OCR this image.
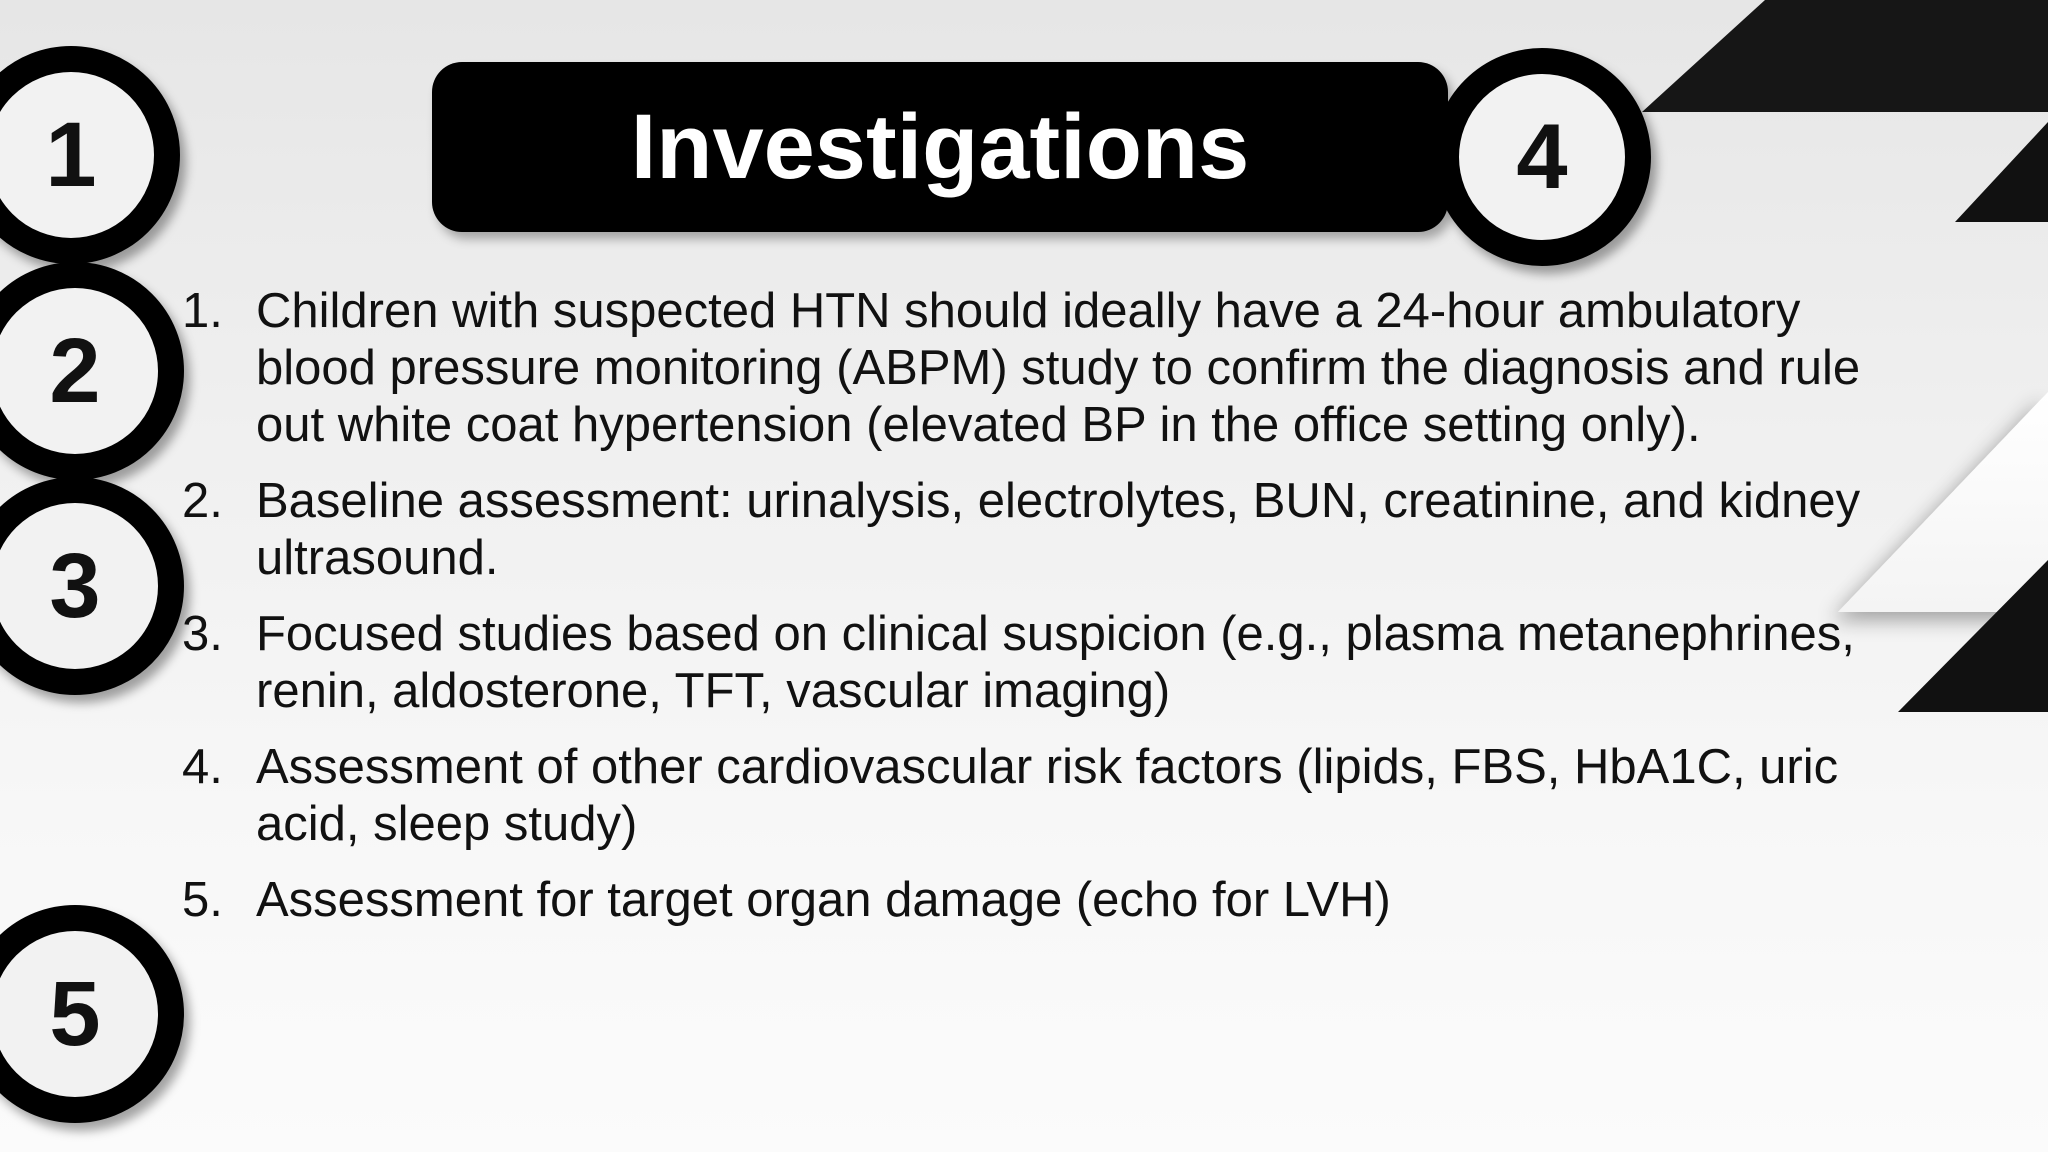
Investigations	4
1
2
3
5
1. Children with suspected HTN should ideally have a 24-hour ambulatory blood pressure monitoring (ABPM) study to confirm the diagnosis and rule out white coat hypertension (elevated BP in the office setting only).
2. Baseline assessment: urinalysis, electrolytes, BUN, creatinine, and kidney ultrasound.
3. Focused studies based on clinical suspicion (e.g., plasma metanephrines, renin, aldosterone, TFT, vascular imaging)
4. Assessment of other cardiovascular risk factors (lipids, FBS, HbA1C, uric acid, sleep study)
5. Assessment for target organ damage (echo for LVH)
